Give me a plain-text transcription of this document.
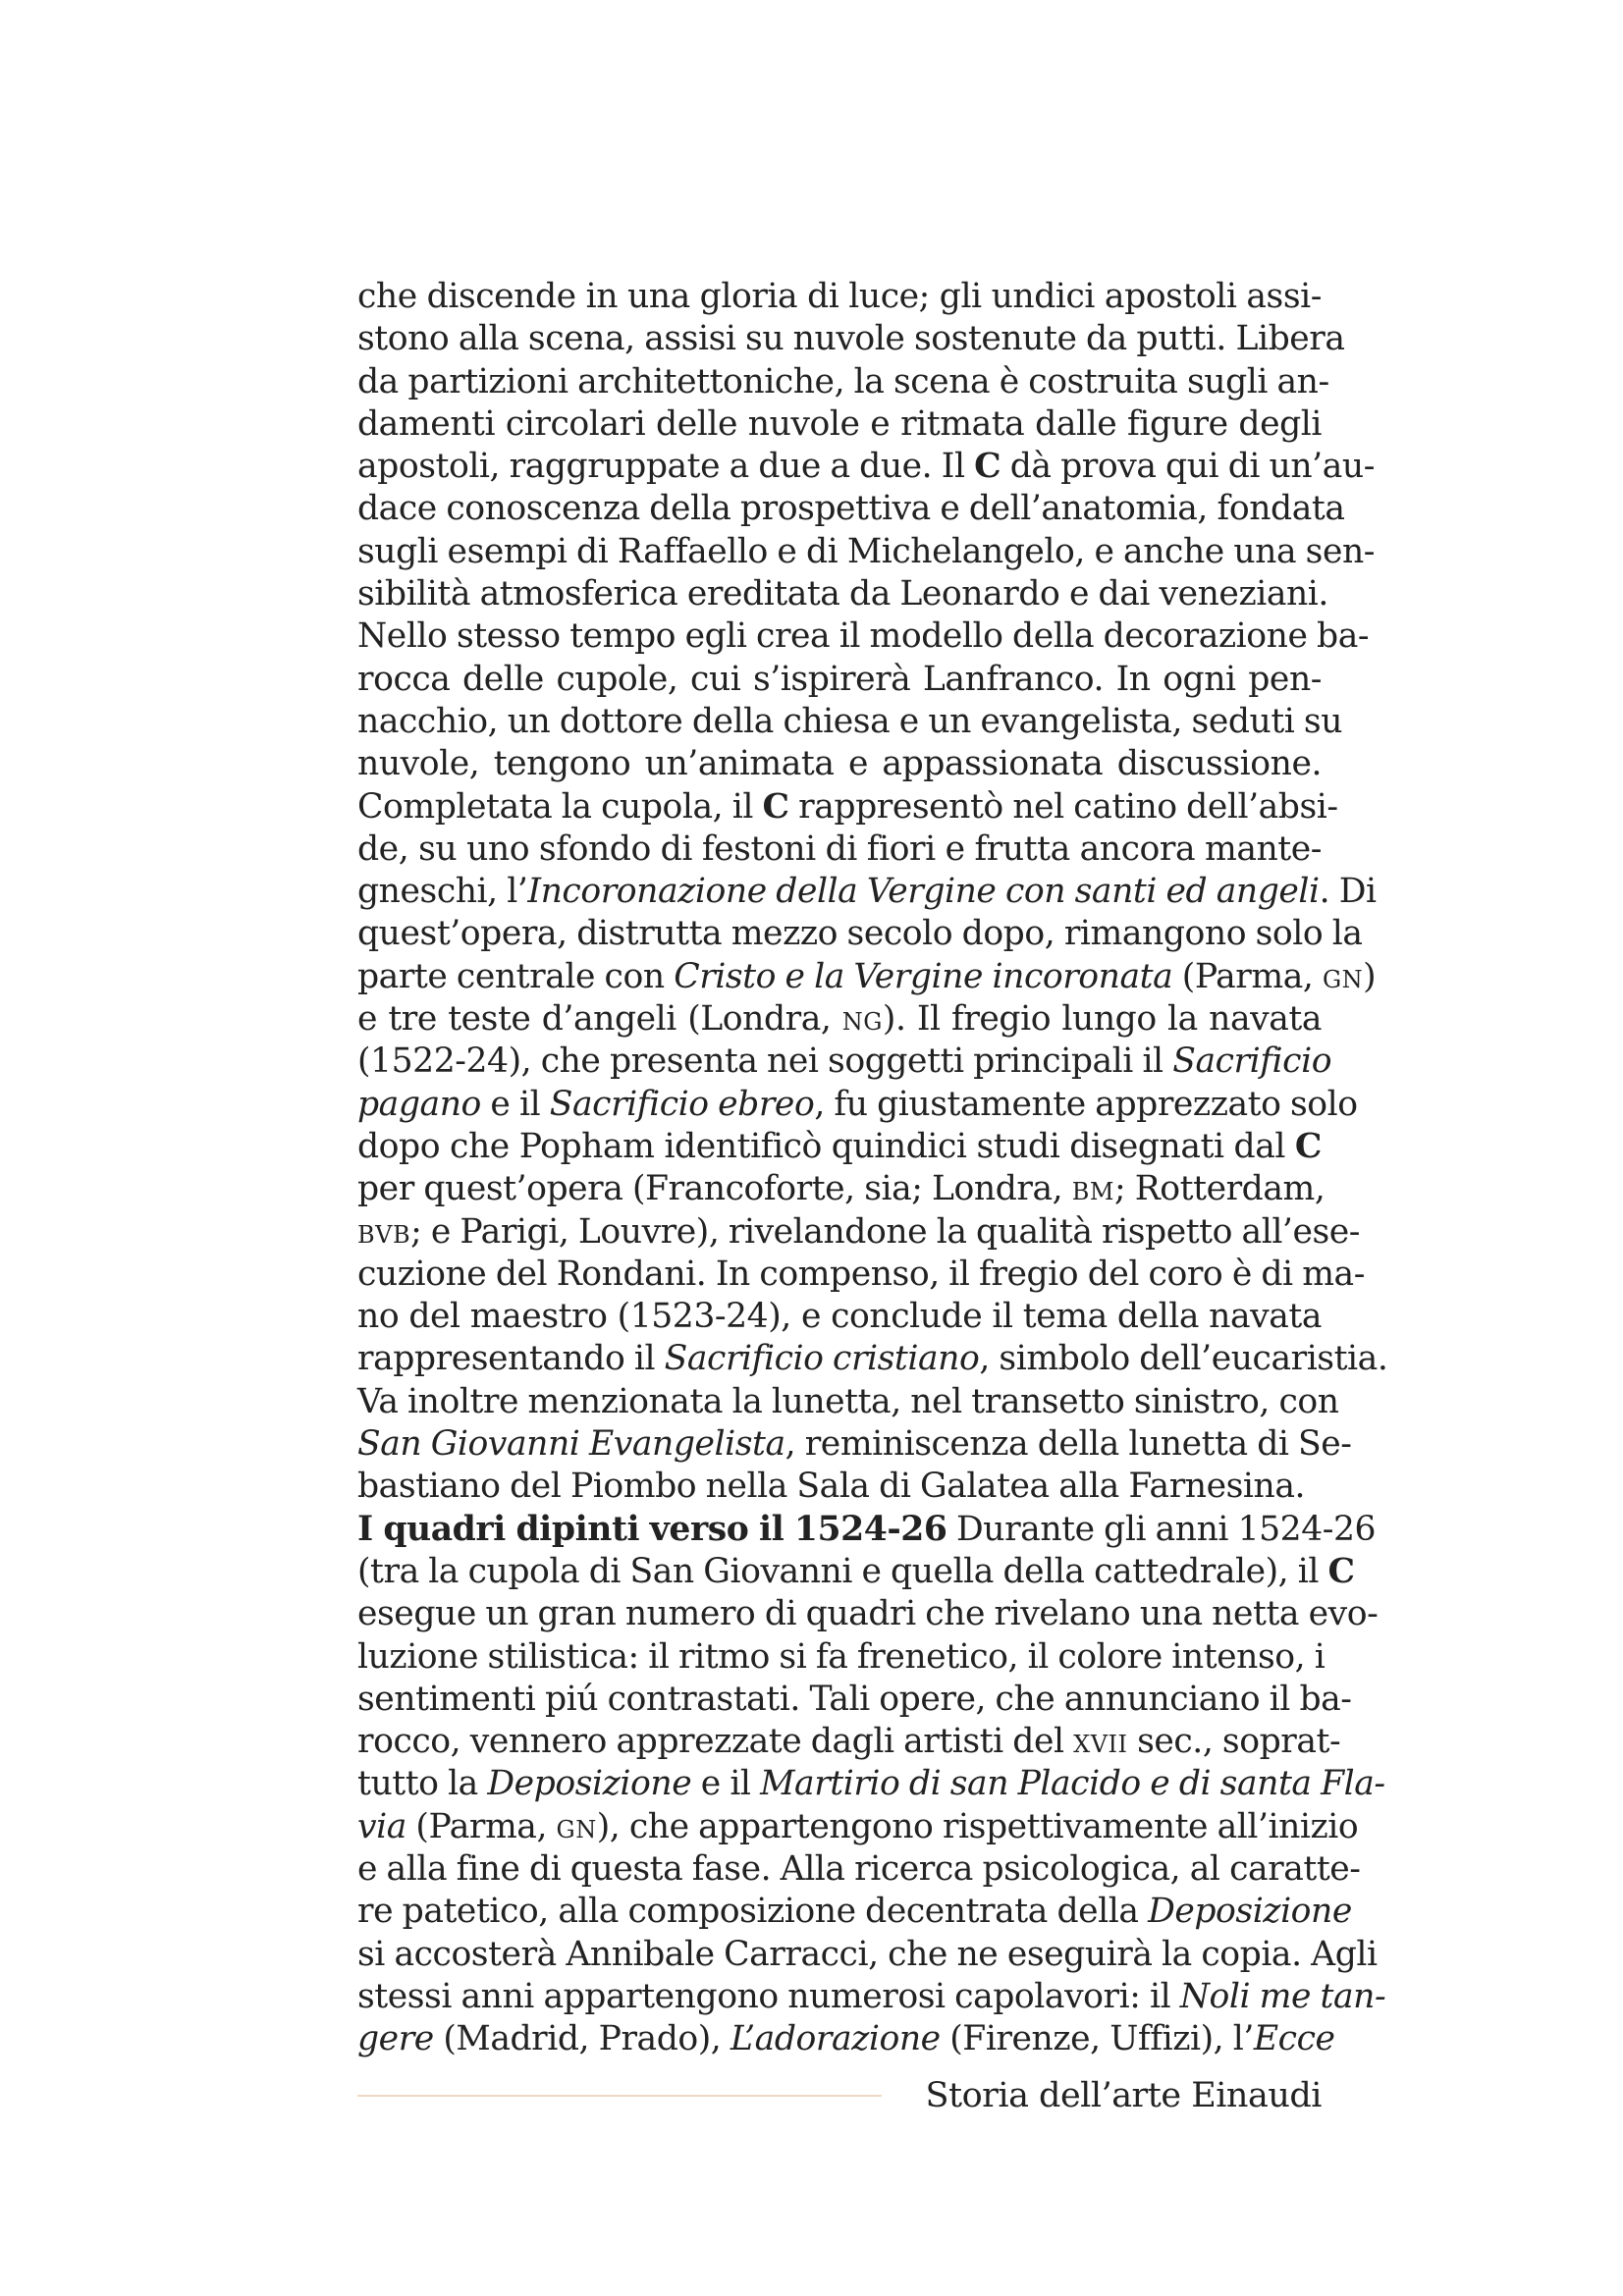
che discende in una gloria di luce; gli undici apostoli assi-
stono alla scena, assisi su nuvole sostenute da putti. Libera
da partizioni architettoniche, la scena è costruita sugli an-
damenti circolari delle nuvole e ritmata dalle figure degli
apostoli, raggruppate a due a due. Il C dà prova qui di un’au-
dace conoscenza della prospettiva e dell’anatomia, fondata
sugli esempi di Raffaello e di Michelangelo, e anche una sen-
sibilità atmosferica ereditata da Leonardo e dai veneziani.
Nello stesso tempo egli crea il modello della decorazione ba-
rocca delle cupole, cui s’ispirerà Lanfranco. In ogni pen-
nacchio, un dottore della chiesa e un evangelista, seduti su
nuvole, tengono un’animata e appassionata discussione.
Completata la cupola, il C rappresentò nel catino dell’absi-
de, su uno sfondo di festoni di fiori e frutta ancora mante-
gneschi, l’Incoronazione della Vergine con santi ed angeli. Di
quest’opera, distrutta mezzo secolo dopo, rimangono solo la
parte centrale con Cristo e la Vergine incoronata (Parma, gn)
e tre teste d’angeli (Londra, ng). Il fregio lungo la navata
(1522-24), che presenta nei soggetti principali il Sacrificio
pagano e il Sacrificio ebreo, fu giustamente apprezzato solo
dopo che Popham identificò quindici studi disegnati dal C
per quest’opera (Francoforte, sia; Londra, bm; Rotterdam,
bvb; e Parigi, Louvre), rivelandone la qualità rispetto all’ese-
cuzione del Rondani. In compenso, il fregio del coro è di ma-
no del maestro (1523-24), e conclude il tema della navata
rappresentando il Sacrificio cristiano, simbolo dell’eucaristia.
Va inoltre menzionata la lunetta, nel transetto sinistro, con
San Giovanni Evangelista, reminiscenza della lunetta di Se-
bastiano del Piombo nella Sala di Galatea alla Farnesina.
I quadri dipinti verso il 1524-26 Durante gli anni 1524-26
(tra la cupola di San Giovanni e quella della cattedrale), il C
esegue un gran numero di quadri che rivelano una netta evo-
luzione stilistica: il ritmo si fa frenetico, il colore intenso, i
sentimenti piú contrastati. Tali opere, che annunciano il ba-
rocco, vennero apprezzate dagli artisti del xvii sec., soprat-
tutto la Deposizione e il Martirio di san Placido e di santa Fla-
via (Parma, gn), che appartengono rispettivamente all’inizio
e alla fine di questa fase. Alla ricerca psicologica, al caratte-
re patetico, alla composizione decentrata della Deposizione
si accosterà Annibale Carracci, che ne eseguirà la copia. Agli
stessi anni appartengono numerosi capolavori: il Noli me tan-
gere (Madrid, Prado), L’adorazione (Firenze, Uffizi), l’Ecce
Storia dell’arte Einaudi
